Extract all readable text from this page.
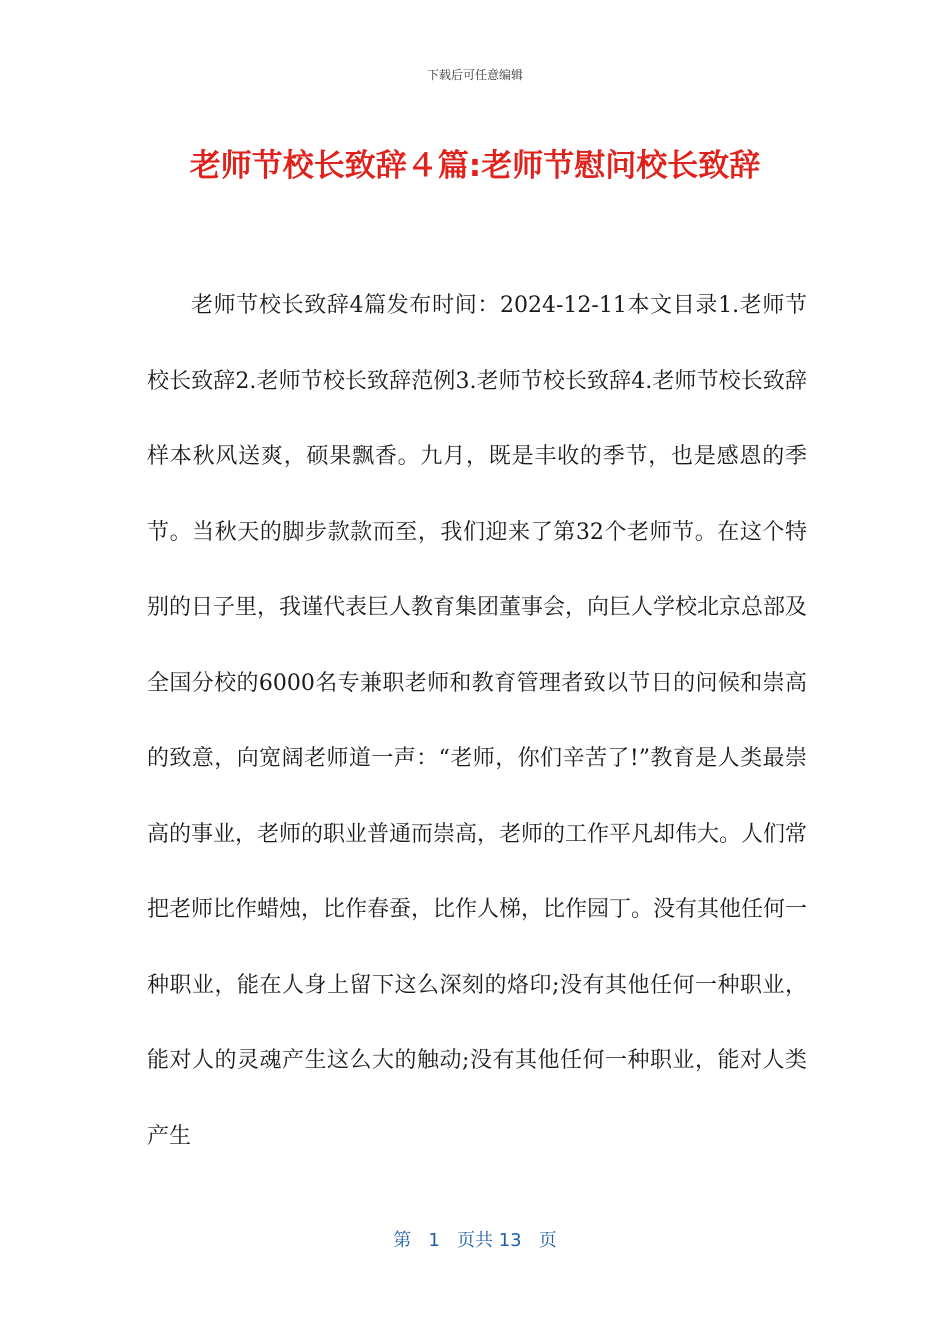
下载后可任意编辑
老师节校长致辞４篇:老师节慰问校长致辞

老师节校长致辞4篇发布时间：2024-12-11本文目录1.老师节校长致辞2.老师节校长致辞范例3.老师节校长致辞4.老师节校长致辞样本秋风送爽，硕果飘香。九月，既是丰收的季节，也是感恩的季节。当秋天的脚步款款而至，我们迎来了第32个老师节。在这个特别的日子里，我谨代表巨人教育集团董事会，向巨人学校北京总部及全国分校的6000名专兼职老师和教育管理者致以节日的问候和崇高的致意，向宽阔老师道一声：“老师，你们辛苦了!”教育是人类最崇高的事业，老师的职业普通而崇高，老师的工作平凡却伟大。人们常把老师比作蜡烛，比作春蚕，比作人梯，比作园丁。没有其他任何一种职业，能在人身上留下这么深刻的烙印;没有其他任何一种职业，能对人的灵魂产生这么大的触动;没有其他任何一种职业，能对人类产生

第 1 页共 13 页
